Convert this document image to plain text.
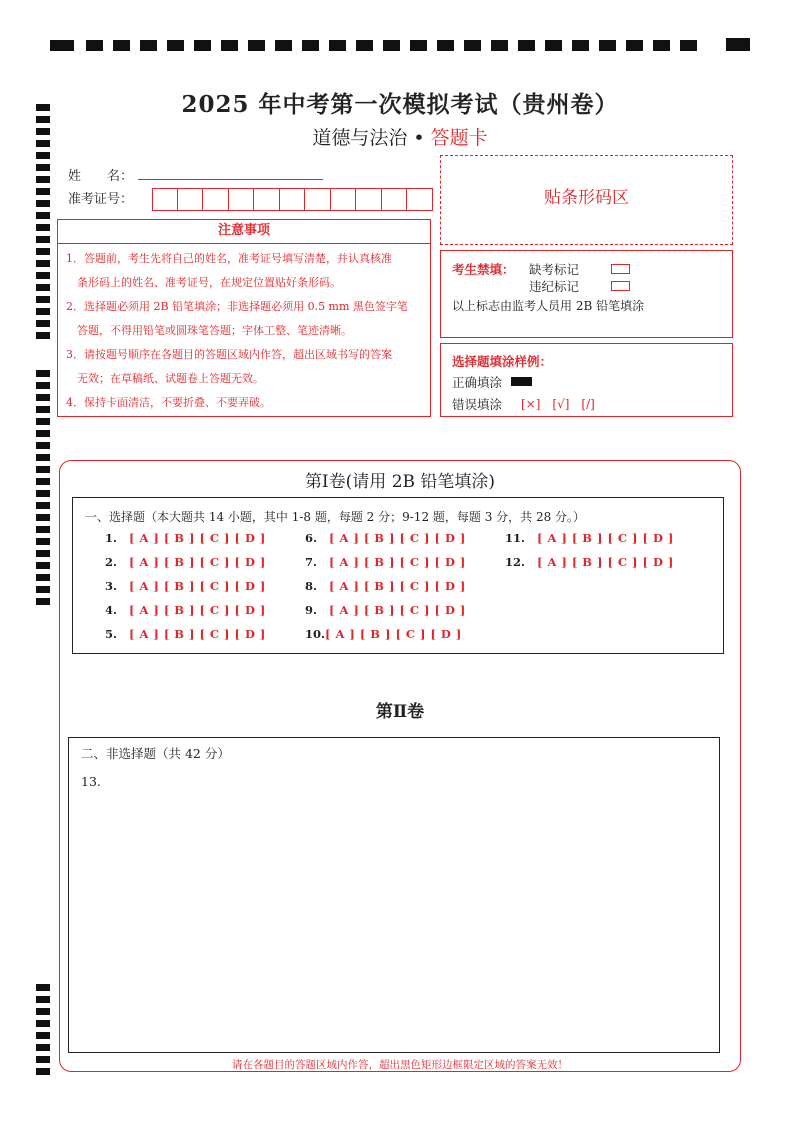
2025 年中考第一次模拟考试（贵州卷）
道德与法治 • 答题卡
姓　　名：
准考证号：
注意事项
1．答题前，考生先将自己的姓名，准考证号填写清楚，并认真核准
　条形码上的姓名、准考证号，在规定位置贴好条形码。
2．选择题必须用 2B 铅笔填涂；非选择题必须用 0.5 mm 黑色签字笔
　答题，不得用铅笔或圆珠笔答题；字体工整、笔迹清晰。
3．请按题号顺序在各题目的答题区域内作答，超出区域书写的答案
　无效；在草稿纸、试题卷上答题无效。
4．保持卡面清洁，不要折叠、不要弄破。
贴条形码区
考生禁填： 缺考标记
违纪标记
以上标志由监考人员用 2B 铅笔填涂
选择题填涂样例：
正确填涂
错误填涂 [×]　[√]　[/]
第Ⅰ卷(请用 2B 铅笔填涂)
一、选择题（本大题共 14 小题，其中 1-8 题，每题 2 分；9-12 题，每题 3 分，共 28 分。）
1. [ A ] [ B ] [ C ] [ D ]
2. [ A ] [ B ] [ C ] [ D ]
3. [ A ] [ B ] [ C ] [ D ]
4. [ A ] [ B ] [ C ] [ D ]
5. [ A ] [ B ] [ C ] [ D ]
6. [ A ] [ B ] [ C ] [ D ]
7. [ A ] [ B ] [ C ] [ D ]
8. [ A ] [ B ] [ C ] [ D ]
9. [ A ] [ B ] [ C ] [ D ]
10.[ A ] [ B ] [ C ] [ D ]
11. [ A ] [ B ] [ C ] [ D ]
12. [ A ] [ B ] [ C ] [ D ]
第Ⅱ卷
二、非选择题（共 42 分）
13.
请在各题目的答题区域内作答，超出黑色矩形边框限定区域的答案无效！
